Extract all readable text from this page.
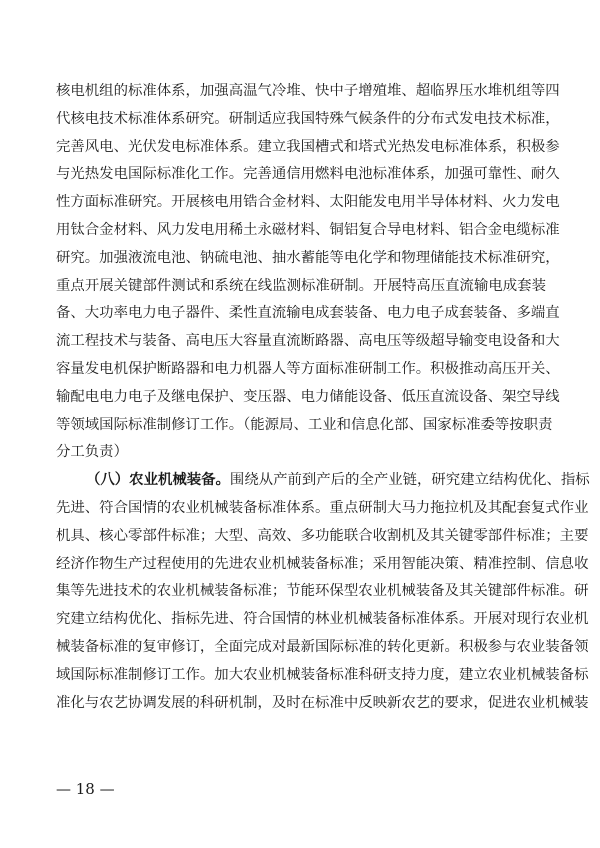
核电机组的标准体系，加强高温气冷堆、快中子增殖堆、超临界压水堆机组等四
代核电技术标准体系研究。研制适应我国特殊气候条件的分布式发电技术标准，
完善风电、光伏发电标准体系。建立我国槽式和塔式光热发电标准体系，积极参
与光热发电国际标准化工作。完善通信用燃料电池标准体系，加强可靠性、耐久
性方面标准研究。开展核电用锆合金材料、太阳能发电用半导体材料、火力发电
用钛合金材料、风力发电用稀土永磁材料、铜铝复合导电材料、铝合金电缆标准
研究。加强液流电池、钠硫电池、抽水蓄能等电化学和物理储能技术标准研究，
重点开展关键部件测试和系统在线监测标准研制。开展特高压直流输电成套装
备、大功率电力电子器件、柔性直流输电成套装备、电力电子成套装备、多端直
流工程技术与装备、高电压大容量直流断路器、高电压等级超导输变电设备和大
容量发电机保护断路器和电力机器人等方面标准研制工作。积极推动高压开关、
输配电电力电子及继电保护、变压器、电力储能设备、低压直流设备、架空导线
等领域国际标准制修订工作。（能源局、工业和信息化部、国家标准委等按职责
分工负责）
（八）农业机械装备。围绕从产前到产后的全产业链，研究建立结构优化、指标
先进、符合国情的农业机械装备标准体系。重点研制大马力拖拉机及其配套复式作业
机具、核心零部件标准；大型、高效、多功能联合收割机及其关键零部件标准；主要
经济作物生产过程使用的先进农业机械装备标准；采用智能决策、精准控制、信息收
集等先进技术的农业机械装备标准；节能环保型农业机械装备及其关键部件标准。研
究建立结构优化、指标先进、符合国情的林业机械装备标准体系。开展对现行农业机
械装备标准的复审修订，全面完成对最新国际标准的转化更新。积极参与农业装备领
域国际标准制修订工作。加大农业机械装备标准科研支持力度，建立农业机械装备标
准化与农艺协调发展的科研机制，及时在标准中反映新农艺的要求，促进农业机械装
— 18 —
